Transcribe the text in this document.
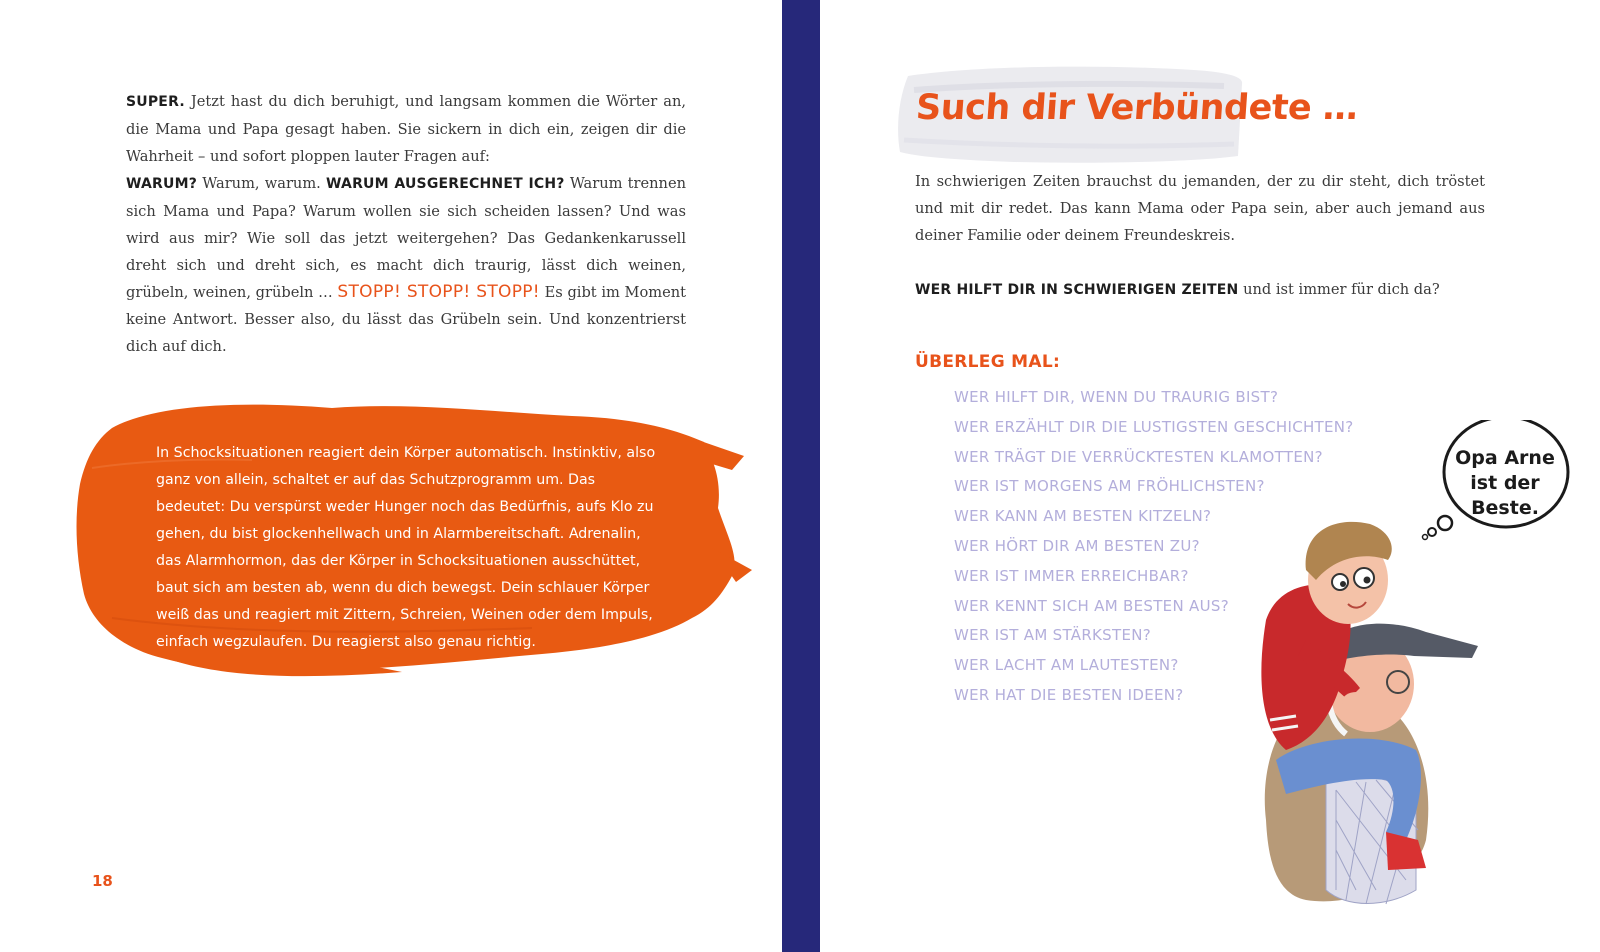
SUPER. Jetzt hast du dich beruhigt, und langsam kommen die Wörter an, die Mama und Papa gesagt haben. Sie sickern in dich ein, zeigen dir die Wahrheit – und sofort ploppen lauter Fragen auf:
WARUM? Warum, warum. WARUM AUSGERECHNET ICH? Warum trennen sich Mama und Papa? Warum wollen sie sich scheiden lassen? Und was wird aus mir? Wie soll das jetzt weitergehen? Das Gedankenkarussell dreht sich und dreht sich, es macht dich traurig, lässt dich weinen, grübeln, weinen, grübeln … STOPP! STOPP! STOPP! Es gibt im Moment keine Antwort. Besser also, du lässt das Grübeln sein. Und konzentrierst dich auf dich.

In Schocksituationen reagiert dein Körper automatisch. Instinktiv, also ganz von allein, schaltet er auf das Schutzprogramm um. Das bedeutet: Du verspürst weder Hunger noch das Bedürfnis, aufs Klo zu gehen, du bist glockenhellwach und in Alarmbereitschaft. Adrenalin, das Alarmhormon, das der Körper in Schocksituationen ausschüttet, baut sich am besten ab, wenn du dich bewegst. Dein schlauer Körper weiß das und reagiert mit Zittern, Schreien, Weinen oder dem Impuls, einfach wegzulaufen. Du reagierst also genau richtig.
18
Such dir Verbündete …

In schwierigen Zeiten brauchst du jemanden, der zu dir steht, dich tröstet und mit dir redet. Das kann Mama oder Papa sein, aber auch jemand aus deiner Familie oder deinem Freundeskreis.

WER HILFT DIR IN SCHWIERIGEN ZEITEN und ist immer für dich da?
ÜBERLEG MAL:
WER HILFT DIR, WENN DU TRAURIG BIST?
WER ERZÄHLT DIR DIE LUSTIGSTEN GESCHICHTEN?
WER TRÄGT DIE VERRÜCKTESTEN KLAMOTTEN?
WER IST MORGENS AM FRÖHLICHSTEN?
WER KANN AM BESTEN KITZELN?
WER HÖRT DIR AM BESTEN ZU?
WER IST IMMER ERREICHBAR?
WER KENNT SICH AM BESTEN AUS?
WER IST AM STÄRKSTEN?
WER LACHT AM LAUTESTEN?
WER HAT DIE BESTEN IDEEN?
Opa Arne
ist der
Beste.
